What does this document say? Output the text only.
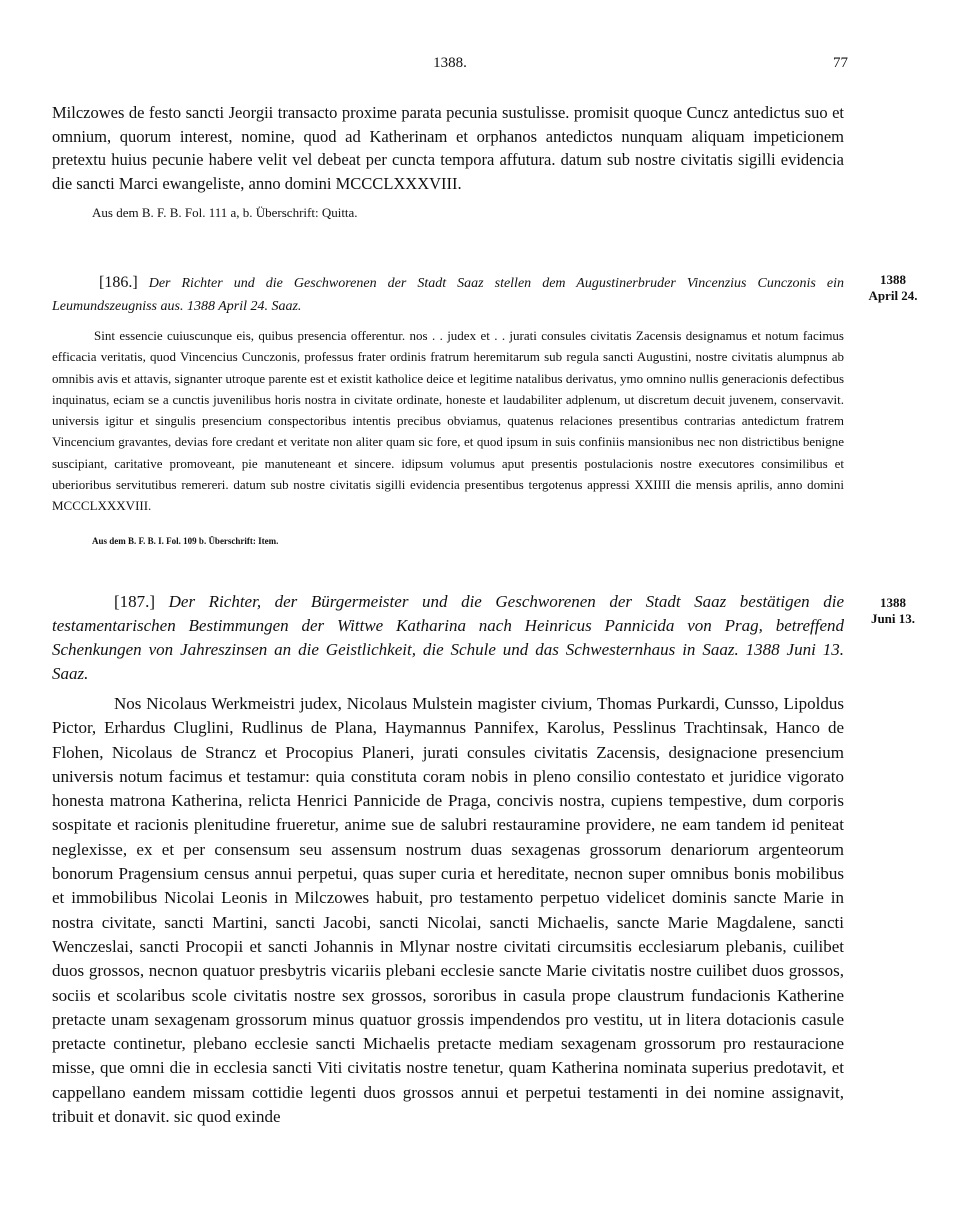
1388.	77

Milczowes de festo sancti Jeorgii transacto proxime parata pecunia sustulisse. promisit quoque Cuncz antedictus suo et omnium, quorum interest, nomine, quod ad Katherinam et orphanos antedictos nunquam aliquam impeticionem pretextu huius pecunie habere velit vel debeat per cuncta tempora affutura. datum sub nostre civitatis sigilli evidencia die sancti Marci ewangeliste, anno domini MCCCLXXXVIII.

Aus dem B. F. B. Fol. 111 a, b. Überschrift: Quitta.

[186.] Der Richter und die Geschworenen der Stadt Saaz stellen dem Augustinerbruder Vincenzius Cunczonis ein Leumundszeugniss aus. 1388 April 24. Saaz.

1388
April 24.

Sint essencie cuiuscunque eis, quibus presencia offerentur. nos . . judex et . . jurati consules civitatis Zacensis designamus et notum facimus efficacia veritatis, quod Vincencius Cunczonis, professus frater ordinis fratrum heremitarum sub regula sancti Augustini, nostre civitatis alumpnus ab omnibis avis et attavis, signanter utroque parente est et existit katholice deice et legitime natalibus derivatus, ymo omnino nullis generacionis defectibus inquinatus, eciam se a cunctis juvenilibus horis nostra in civitate ordinate, honeste et laudabiliter adplenum, ut discretum decuit juvenem, conservavit. universis igitur et singulis presencium conspectoribus intentis precibus obviamus, quatenus relaciones presentibus contrarias antedictum fratrem Vincencium gravantes, devias fore credant et veritate non aliter quam sic fore, et quod ipsum in suis confiniis mansionibus nec non districtibus benigne suscipiant, caritative promoveant, pie manuteneant et sincere. idipsum volumus aput presentis postulacionis nostre executores consimilibus et uberioribus servitutibus remereri. datum sub nostre civitatis sigilli evidencia presentibus tergotenus appressi XXIIII die mensis aprilis, anno domini MCCCLXXXVIII.

Aus dem B. F. B. I. Fol. 109 b. Überschrift: Item.

[187.] Der Richter, der Bürgermeister und die Geschworenen der Stadt Saaz bestätigen die testamentarischen Bestimmungen der Wittwe Katharina nach Heinricus Pannicida von Prag, betreffend Schenkungen von Jahreszinsen an die Geistlichkeit, die Schule und das Schwesternhaus in Saaz. 1388 Juni 13. Saaz.

1388
Juni 13.

Nos Nicolaus Werkmeistri judex, Nicolaus Mulstein magister civium, Thomas Purkardi, Cunsso, Lipoldus Pictor, Erhardus Cluglini, Rudlinus de Plana, Haymannus Pannifex, Karolus, Pesslinus Trachtinsak, Hanco de Flohen, Nicolaus de Strancz et Procopius Planeri, jurati consules civitatis Zacensis, designacione presencium universis notum facimus et testamur: quia constituta coram nobis in pleno consilio contestato et juridice vigorato honesta matrona Katherina, relicta Henrici Pannicide de Praga, concivis nostra, cupiens tempestive, dum corporis sospitate et racionis plenitudine frueretur, anime sue de salubri restauramine providere, ne eam tandem id peniteat neglexisse, ex et per consensum seu assensum nostrum duas sexagenas grossorum denariorum argenteorum bonorum Pragensium census annui perpetui, quas super curia et hereditate, necnon super omnibus bonis mobilibus et immobilibus Nicolai Leonis in Milczowes habuit, pro testamento perpetuo videlicet dominis sancte Marie in nostra civitate, sancti Martini, sancti Jacobi, sancti Nicolai, sancti Michaelis, sancte Marie Magdalene, sancti Wenczeslai, sancti Procopii et sancti Johannis in Mlynar nostre civitati circumsitis ecclesiarum plebanis, cuilibet duos grossos, necnon quatuor presbytris vicariis plebani ecclesie sancte Marie civitatis nostre cuilibet duos grossos, sociis et scolaribus scole civitatis nostre sex grossos, sororibus in casula prope claustrum fundacionis Katherine pretacte unam sexagenam grossorum minus quatuor grossis impendendos pro vestitu, ut in litera dotacionis casule pretacte continetur, plebano ecclesie sancti Michaelis pretacte mediam sexagenam grossorum pro restauracione misse, que omni die in ecclesia sancti Viti civitatis nostre tenetur, quam Katherina nominata superius predotavit, et cappellano eandem missam cottidie legenti duos grossos annui et perpetui testamenti in dei nomine assignavit, tribuit et donavit. sic quod exinde
